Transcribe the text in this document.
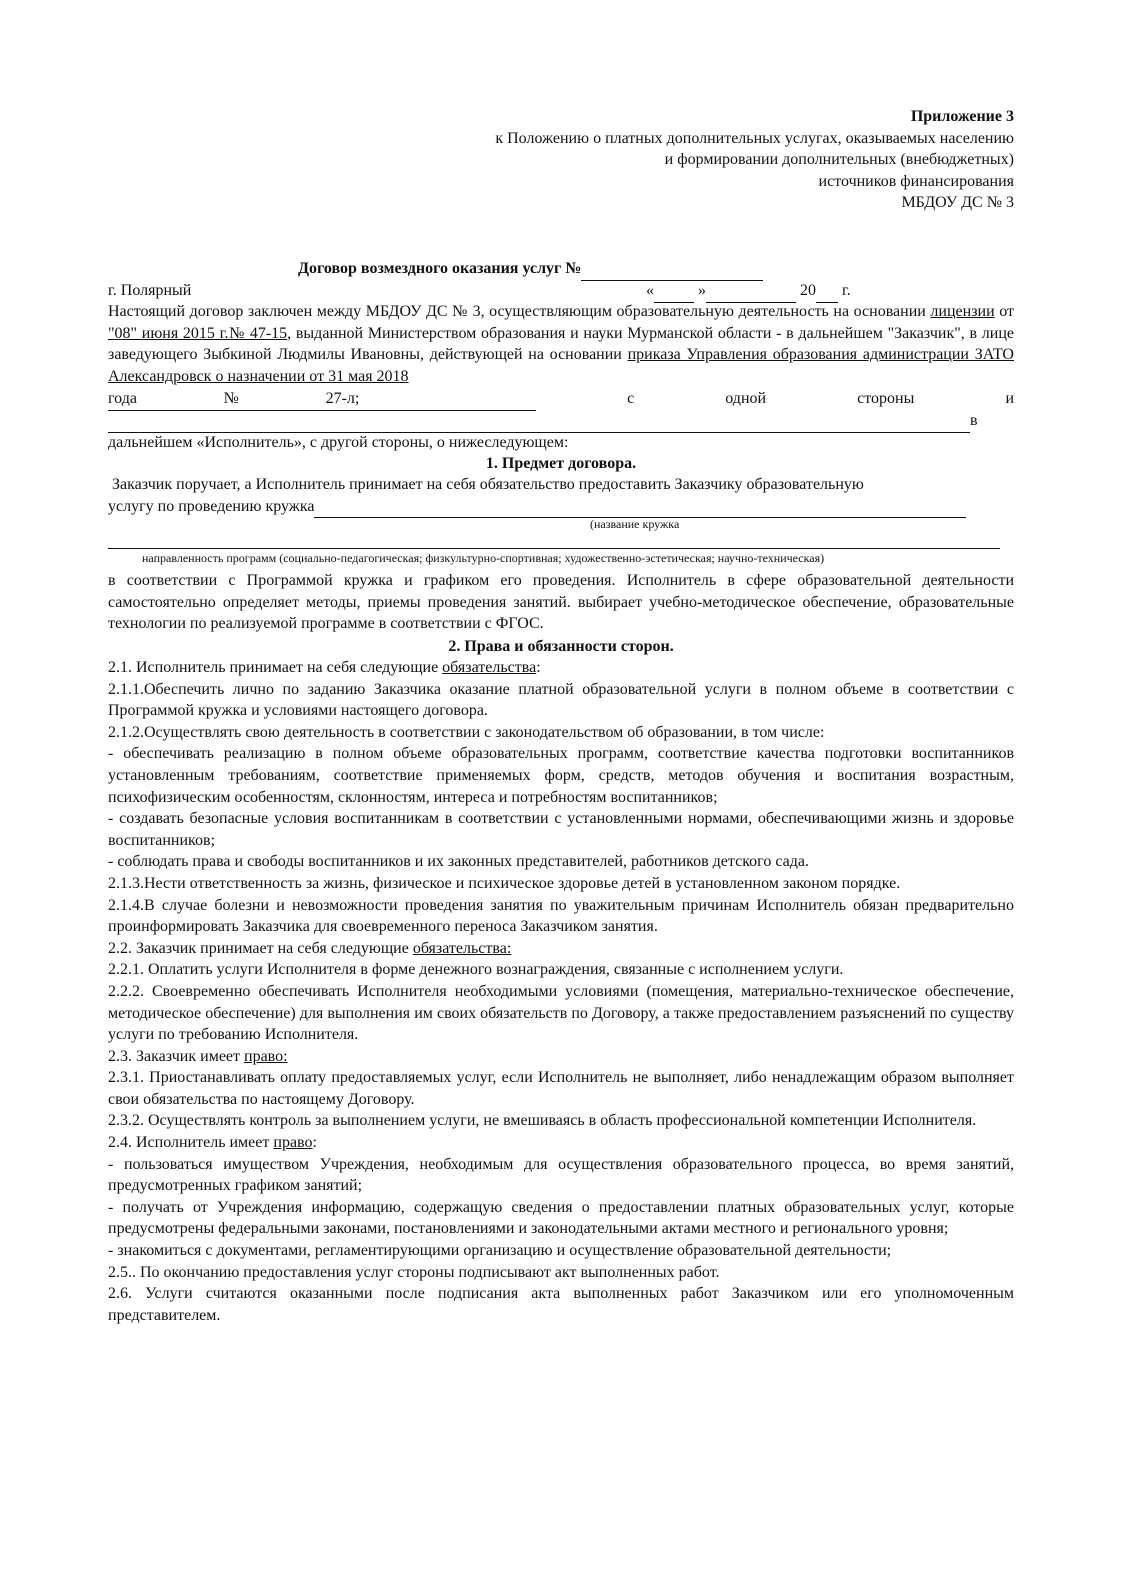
Приложение 3

к Положению о платных дополнительных услугах, оказываемых населению

и формировании дополнительных (внебюджетных)

источников финансирования

МБДОУ ДС № 3

Договор возмездного оказания услуг №

г. Полярный	«	»	20 г.

Настоящий договор заключен между МБДОУ ДС № 3, осуществляющим образовательную деятельность на основании лицензии от "08" июня 2015 г.№ 47-15, выданной Министерством образования и науки Мурманской области - в дальнейшем "Заказчик", в лице заведующего Зыбкиной Людмилы Ивановны, действующей на основании приказа Управления образования администрации ЗАТО Александровск о назначении от 31 мая 2018

года	№	27-л;	с	одной	стороны	и
в

дальнейшем «Исполнитель», с другой стороны, о нижеследующем:

1. Предмет договора.

Заказчик поручает, а Исполнитель принимает на себя обязательство предоставить Заказчику образовательную

услугу по проведению кружка

(название кружка

направленность программ (социально-педагогическая; физкультурно-спортивная; художественно-эстетическая; научно-техническая)

в соответствии с Программой кружка и графиком его проведения. Исполнитель в сфере образовательной деятельности самостоятельно определяет методы, приемы проведения занятий. выбирает учебно-методическое обеспечение, образовательные технологии по реализуемой программе в соответствии с ФГОС.
2. Права и обязанности сторон.

2.1. Исполнитель принимает на себя следующие обязательства:

2.1.1.Обеспечить лично по заданию Заказчика оказание платной образовательной услуги в полном объеме в соответствии с Программой кружка и условиями настоящего договора.

2.1.2.Осуществлять свою деятельность в соответствии с законодательством об образовании, в том числе:

- обеспечивать реализацию в полном объеме образовательных программ, соответствие качества подготовки воспитанников установленным требованиям, соответствие применяемых форм, средств, методов обучения и воспитания возрастным, психофизическим особенностям, склонностям, интереса и потребностям воспитанников;

- создавать безопасные условия воспитанникам в соответствии с установленными нормами, обеспечивающими жизнь и здоровье воспитанников;

- соблюдать права и свободы воспитанников и их законных представителей, работников детского сада.

2.1.3.Нести ответственность за жизнь, физическое и психическое здоровье детей в установленном законом порядке.

2.1.4.В случае болезни и невозможности проведения занятия по уважительным причинам Исполнитель обязан предварительно проинформировать Заказчика для своевременного переноса Заказчиком занятия.

2.2. Заказчик принимает на себя следующие обязательства:

2.2.1. Оплатить услуги Исполнителя в форме денежного вознаграждения, связанные с исполнением услуги.

2.2.2. Своевременно обеспечивать Исполнителя необходимыми условиями (помещения, материально-техническое обеспечение, методическое обеспечение) для выполнения им своих обязательств по Договору, а также предоставлением разъяснений по существу услуги по требованию Исполнителя.

2.3. Заказчик имеет право:

2.3.1. Приостанавливать оплату предоставляемых услуг, если Исполнитель не выполняет, либо ненадлежащим образом выполняет свои обязательства по настоящему Договору.

2.3.2. Осуществлять контроль за выполнением услуги, не вмешиваясь в область профессиональной компетенции Исполнителя.

2.4. Исполнитель имеет право:

- пользоваться имуществом Учреждения, необходимым для осуществления образовательного процесса, во время занятий, предусмотренных графиком занятий;

- получать от Учреждения информацию, содержащую сведения о предоставлении платных образовательных услуг, которые предусмотрены федеральными законами, постановлениями и законодательными актами местного и регионального уровня;

- знакомиться с документами, регламентирующими организацию и осуществление образовательной деятельности;

2.5.. По окончанию предоставления услуг стороны подписывают акт выполненных работ.

2.6. Услуги считаются оказанными после подписания акта выполненных работ Заказчиком или его уполномоченным представителем.
